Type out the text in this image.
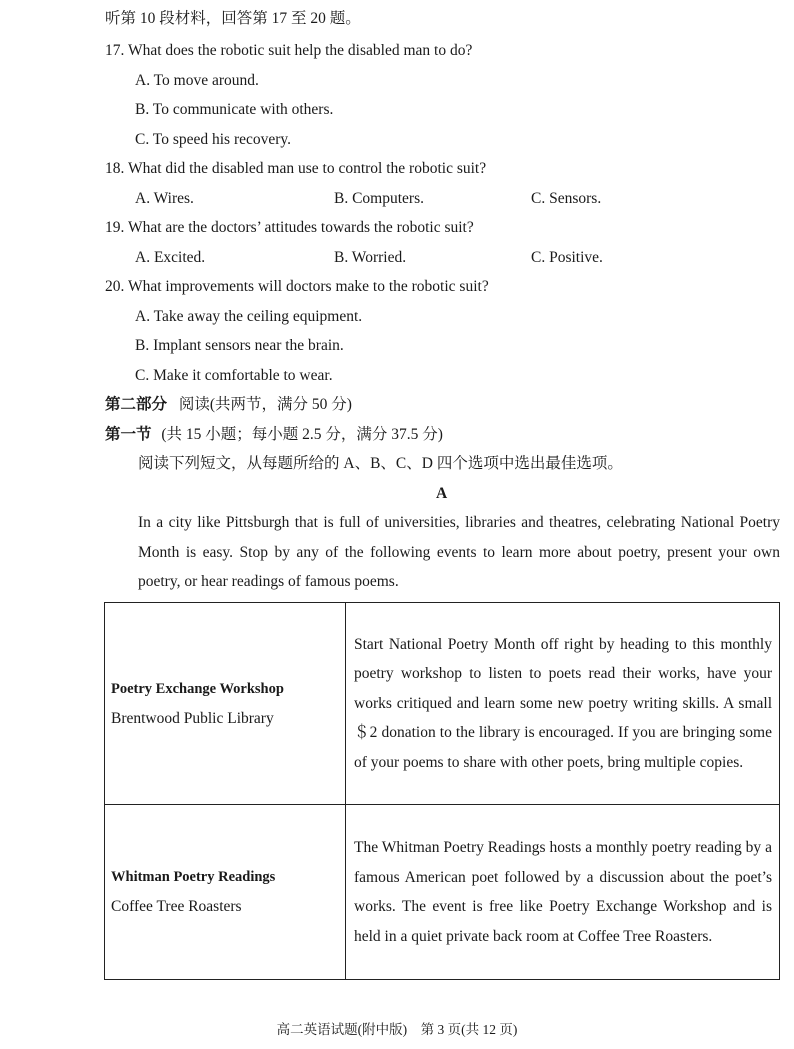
听第 10 段材料，回答第 17 至 20 题。
17. What does the robotic suit help the disabled man to do?
A. To move around.
B. To communicate with others.
C. To speed his recovery.
18. What did the disabled man use to control the robotic suit?
A. Wires.	B. Computers.	C. Sensors.
19. What are the doctors’ attitudes towards the robotic suit?
A. Excited.	B. Worried.	C. Positive.
20. What improvements will doctors make to the robotic suit?
A. Take away the ceiling equipment.
B. Implant sensors near the brain.
C. Make it comfortable to wear.
第二部分 阅读(共两节，满分 50 分)
第一节 (共 15 小题；每小题 2.5 分，满分 37.5 分)
阅读下列短文，从每题所给的 A、B、C、D 四个选项中选出最佳选项。
A
In a city like Pittsburgh that is full of universities, libraries and theatres, celebrating National Poetry Month is easy. Stop by any of the following events to learn more about poetry, present your own poetry, or hear readings of famous poems.
Poetry Exchange Workshop
Brentwood Public Library	Start National Poetry Month off right by heading to this monthly poetry workshop to listen to poets read their works, have your works critiqued and learn some new poetry writing skills. A small ＄2 donation to the library is encouraged. If you are bringing some of your poems to share with other poets, bring multiple copies.

Whitman Poetry Readings
Coffee Tree Roasters	The Whitman Poetry Readings hosts a monthly poetry reading by a famous American poet followed by a discussion about the poet’s works. The event is free like Poetry Exchange Workshop and is held in a quiet private back room at Coffee Tree Roasters.
高二英语试题(附中版)　第 3 页(共 12 页)
